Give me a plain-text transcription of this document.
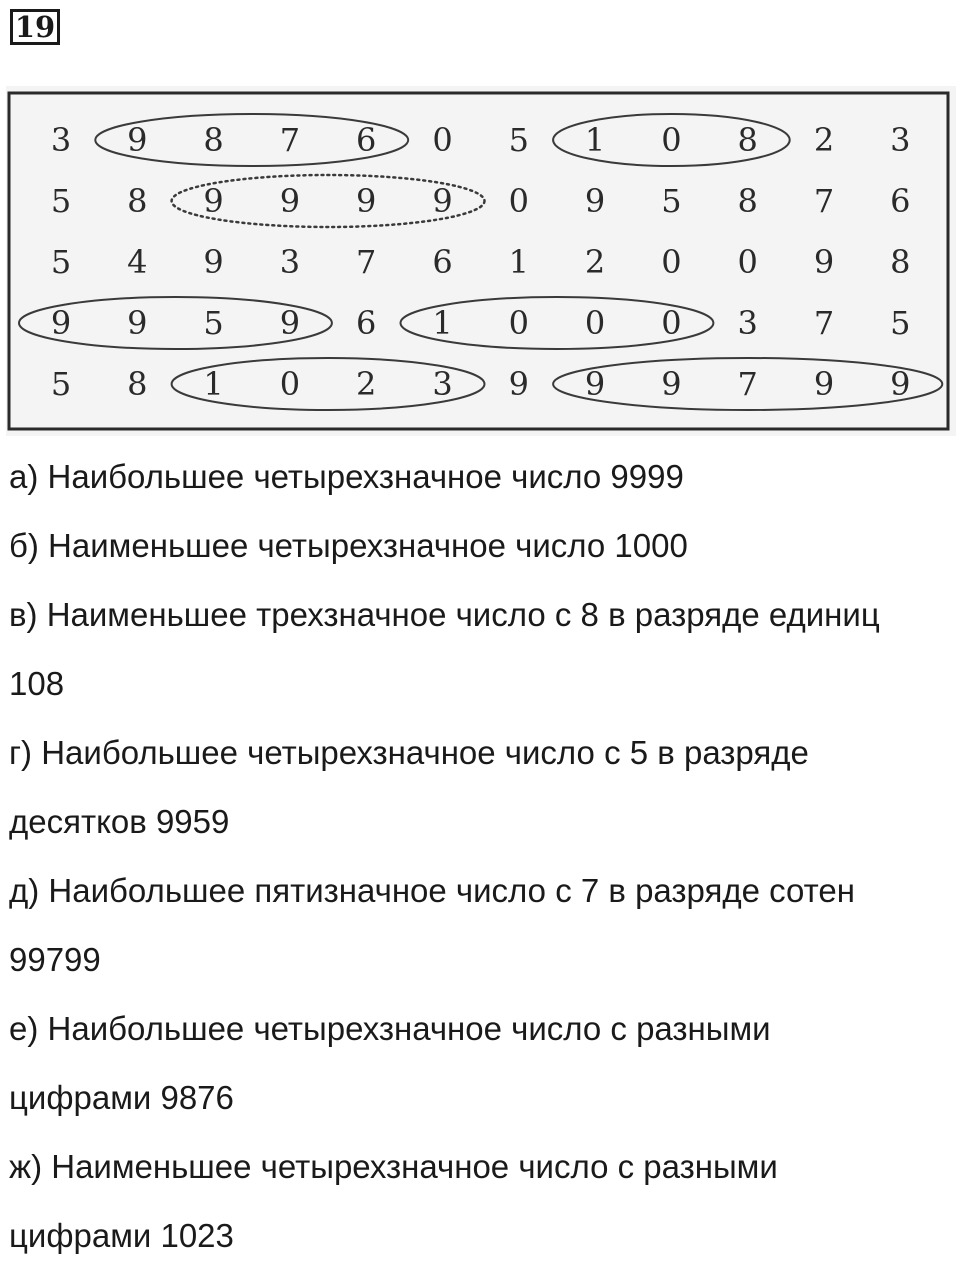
19
3 9 8 7 6 0 5 1 0 8 2 3
5 8 9 9 9 9 0 9 5 8 7 6
5 4 9 3 7 6 1 2 0 0 9 8
9 9 5 9 6 1 0 0 0 3 7 5
5 8 1 0 2 3 9 9 9 7 9 9
а) Наибольшее четырехзначное число 9999
б) Наименьшее четырехзначное число 1000
в) Наименьшее трехзначное число с 8 в разряде единиц
108
г) Наибольшее четырехзначное число с 5 в разряде
десятков 9959
д) Наибольшее пятизначное число с 7 в разряде сотен
99799
е) Наибольшее четырехзначное число с разными
цифрами 9876
ж) Наименьшее четырехзначное число с разными
цифрами 1023
